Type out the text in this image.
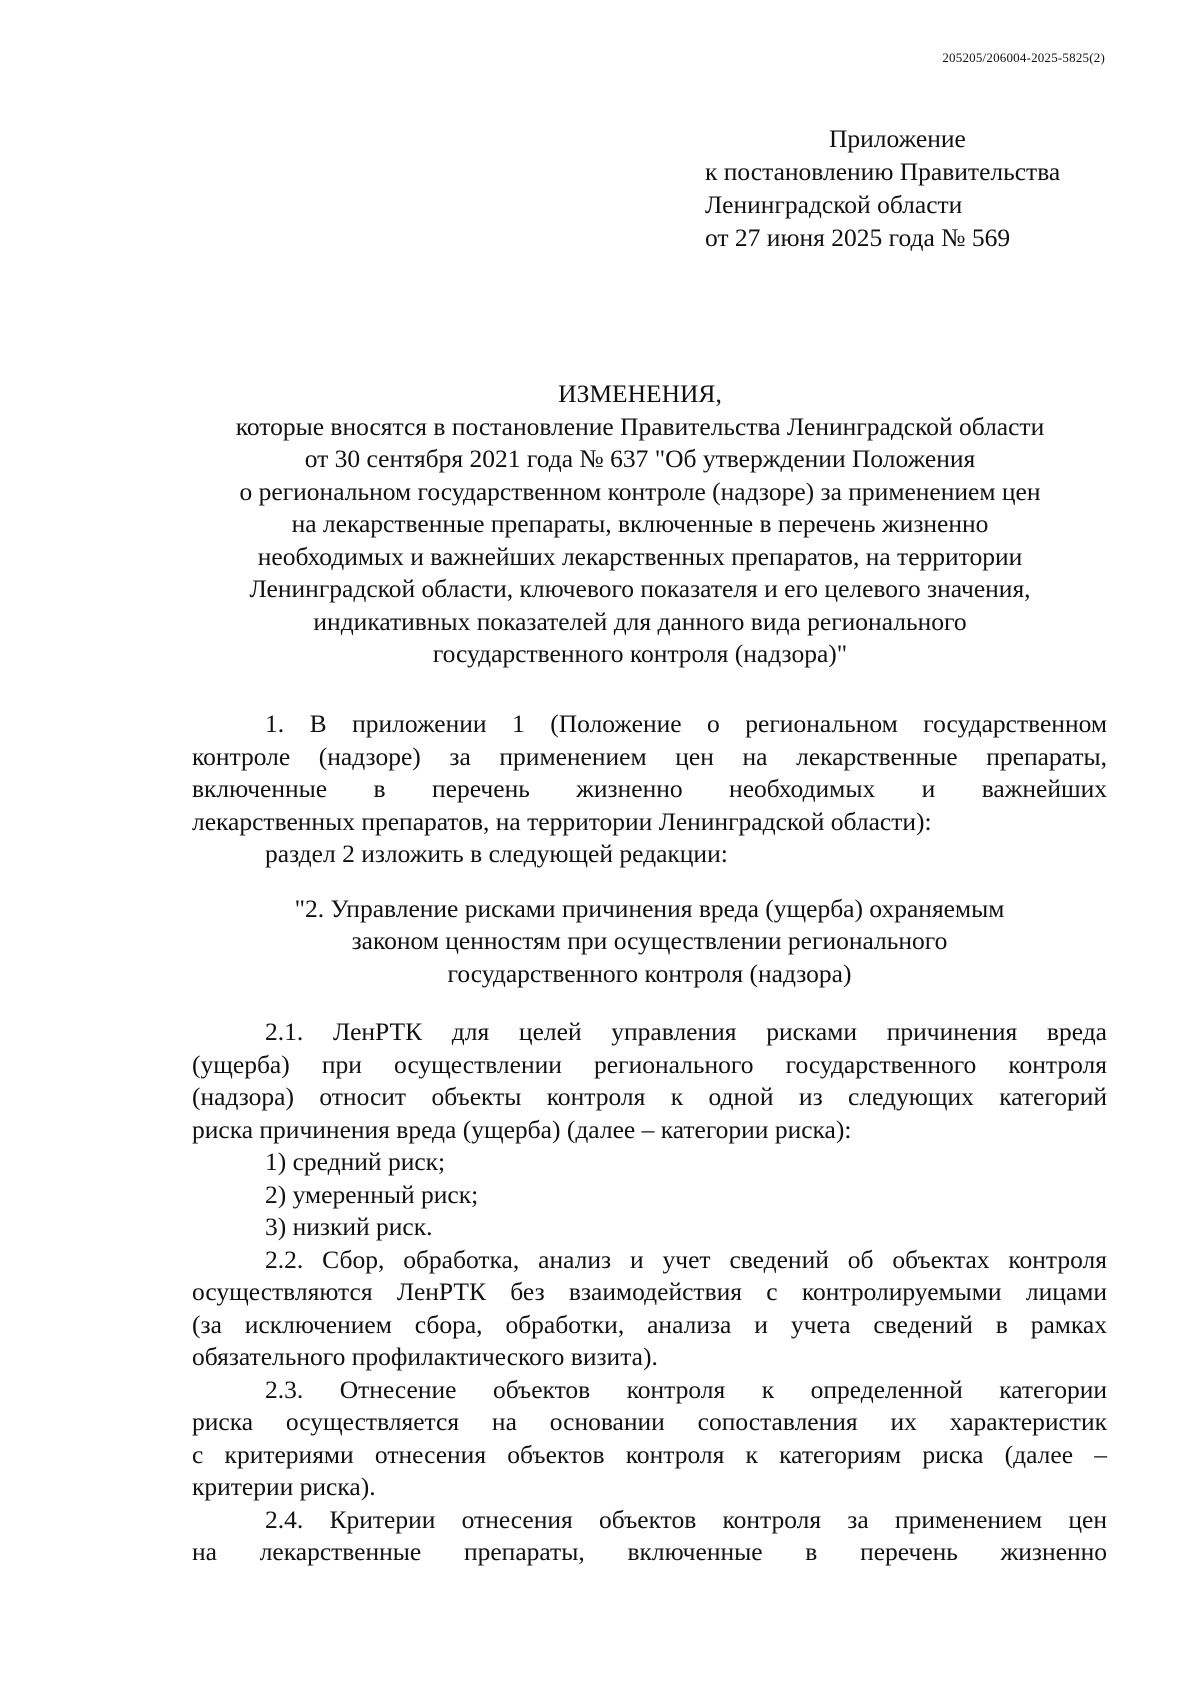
205205/206004-2025-5825(2)
Приложение
к постановлению Правительства
Ленинградской области
от 27 июня 2025 года № 569
ИЗМЕНЕНИЯ,
которые вносятся в постановление Правительства Ленинградской области
от 30 сентября 2021 года № 637 "Об утверждении Положения
о региональном государственном контроле (надзоре) за применением цен
на лекарственные препараты, включенные в перечень жизненно
необходимых и важнейших лекарственных препаратов, на территории
Ленинградской области, ключевого показателя и его целевого значения,
индикативных показателей для данного вида регионального
государственного контроля (надзора)"
1. В приложении 1 (Положение о региональном государственном
контроле (надзоре) за применением цен на лекарственные препараты,
включенные в перечень жизненно необходимых и важнейших
лекарственных препаратов, на территории Ленинградской области):
раздел 2 изложить в следующей редакции:
"2. Управление рисками причинения вреда (ущерба) охраняемым
законом ценностям при осуществлении регионального
государственного контроля (надзора)
2.1. ЛенРТК для целей управления рисками причинения вреда
(ущерба) при осуществлении регионального государственного контроля
(надзора) относит объекты контроля к одной из следующих категорий
риска причинения вреда (ущерба) (далее – категории риска):
1) средний риск;
2) умеренный риск;
3) низкий риск.
2.2. Сбор, обработка, анализ и учет сведений об объектах контроля
осуществляются ЛенРТК без взаимодействия с контролируемыми лицами
(за исключением сбора, обработки, анализа и учета сведений в рамках
обязательного профилактического визита).
2.3. Отнесение объектов контроля к определенной категории
риска осуществляется на основании сопоставления их характеристик
с критериями отнесения объектов контроля к категориям риска (далее –
критерии риска).
2.4. Критерии отнесения объектов контроля за применением цен
на лекарственные препараты, включенные в перечень жизненно
